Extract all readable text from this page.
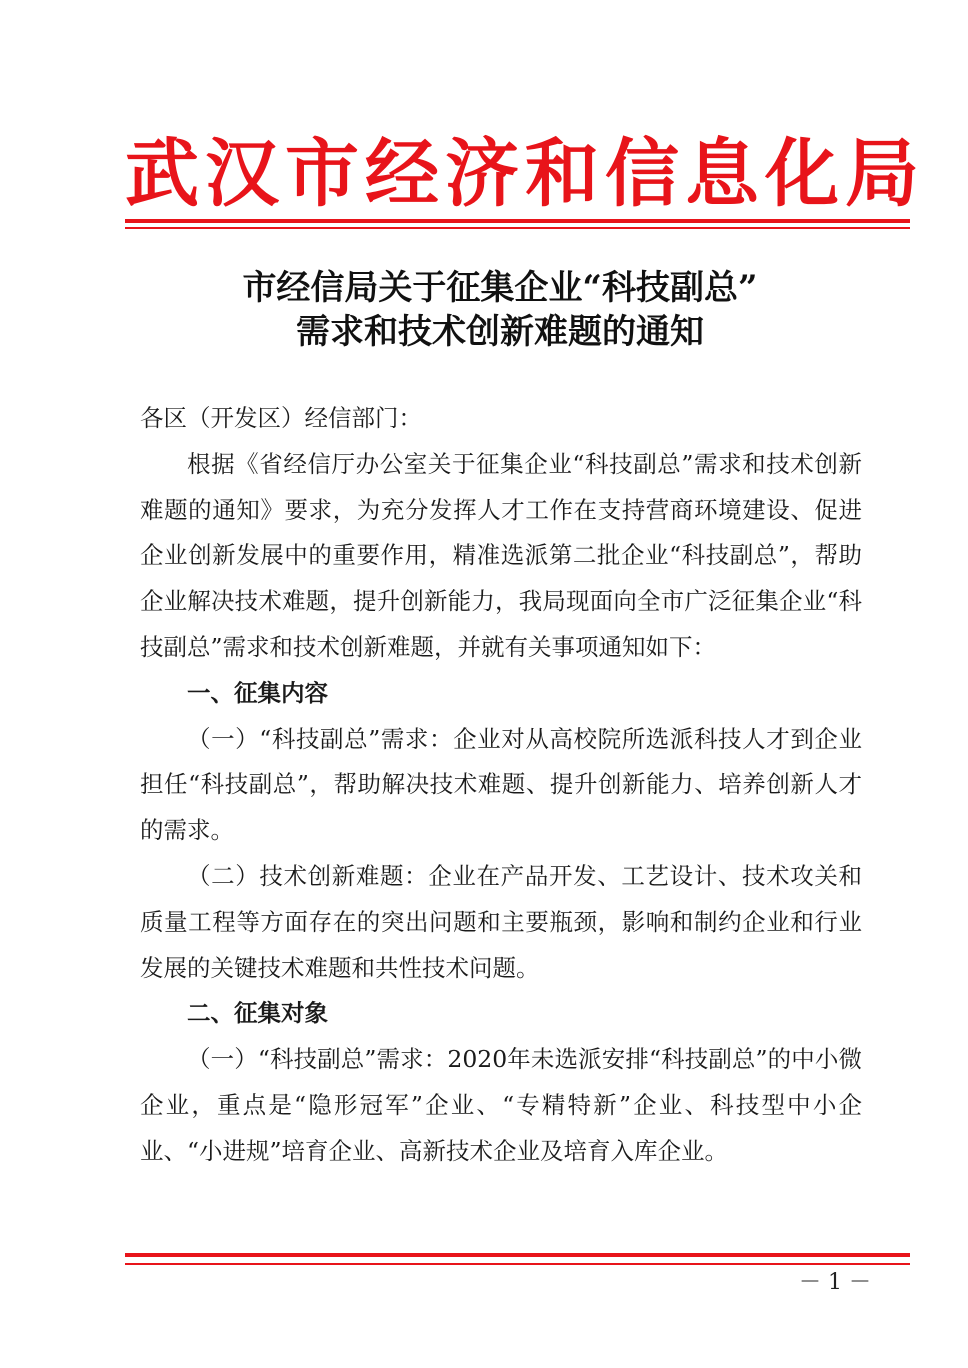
武汉市经济和信息化局
市经信局关于征集企业“科技副总”
需求和技术创新难题的通知

各区（开发区）经信部门：

根据《省经信厅办公室关于征集企业“科技副总”需求和技术创新难题的通知》要求，为充分发挥人才工作在支持营商环境建设、促进企业创新发展中的重要作用，精准选派第二批企业“科技副总”，帮助企业解决技术难题，提升创新能力，我局现面向全市广泛征集企业“科技副总”需求和技术创新难题，并就有关事项通知如下：

一、征集内容

（一）“科技副总”需求：企业对从高校院所选派科技人才到企业担任“科技副总”，帮助解决技术难题、提升创新能力、培养创新人才的需求。

（二）技术创新难题：企业在产品开发、工艺设计、技术攻关和质量工程等方面存在的突出问题和主要瓶颈，影响和制约企业和行业发展的关键技术难题和共性技术问题。

二、征集对象

（一）“科技副总”需求：2020年未选派安排“科技副总”的中小微企业，重点是“隐形冠军”企业、“专精特新”企业、科技型中小企业、“小进规”培育企业、高新技术企业及培育入库企业。

－ 1 －
